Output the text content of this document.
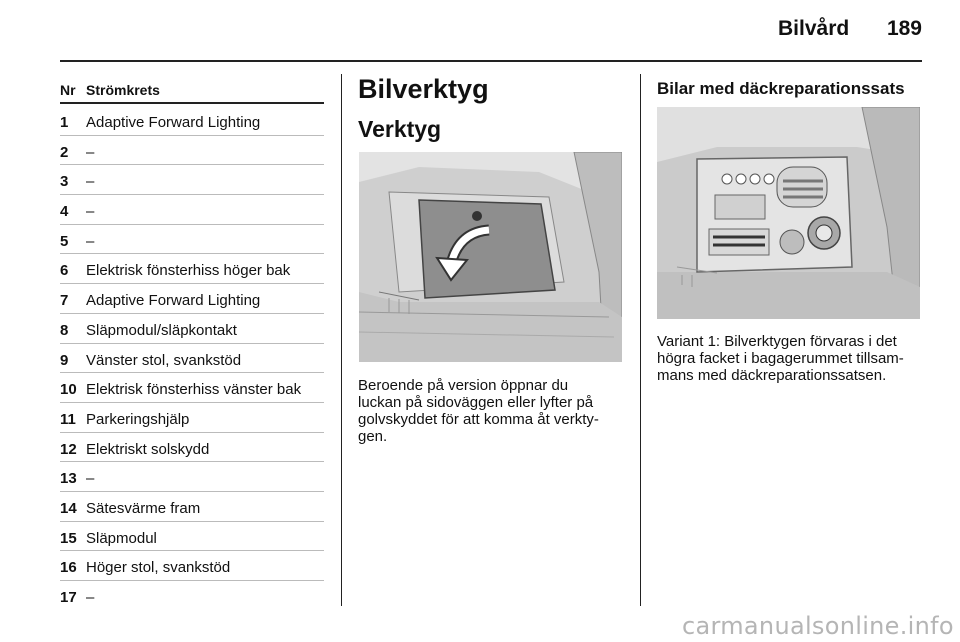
Bilvård	189
Nr Strömkrets
1	Adaptive Forward Lighting
2	–
3	–
4	–
5	–
6	Elektrisk fönsterhiss höger bak
7	Adaptive Forward Lighting
8	Släpmodul/släpkontakt
9	Vänster stol, svankstöd
10 Elektrisk fönsterhiss vänster bak
11 Parkeringshjälp
12 Elektriskt solskydd
13 –
14 Sätesvärme fram
15 Släpmodul
16 Höger stol, svankstöd
17 –
Bilverktyg
Verktyg
Beroende på version öppnar du
luckan på sidoväggen eller lyfter på
golvskyddet för att komma åt verkty-
gen.
Bilar med däckreparationssats
Variant 1: Bilverktygen förvaras i det
högra facket i bagagerummet tillsam-
mans med däckreparationssatsen.
carmanualsonline.info
